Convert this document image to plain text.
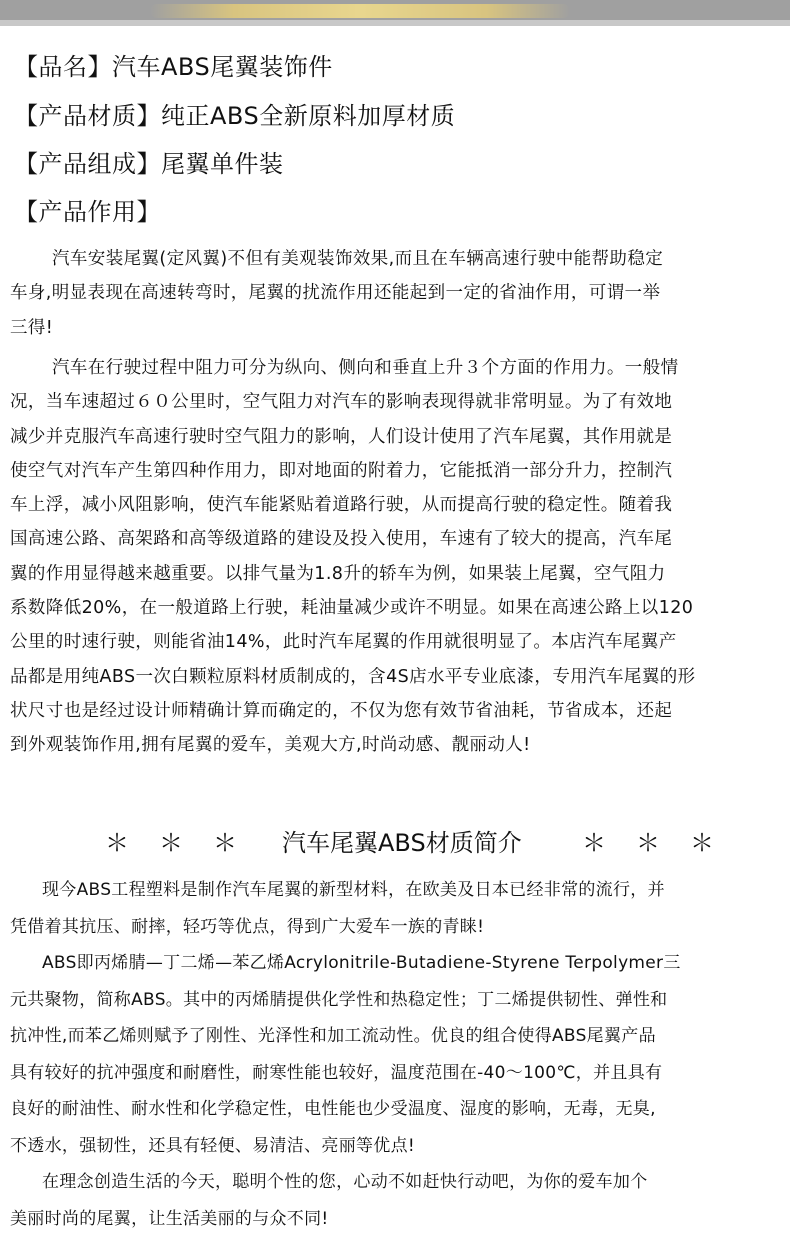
【品名】汽车ABS尾翼装饰件
【产品材质】纯正ABS全新原料加厚材质
【产品组成】尾翼单件装
【产品作用】
汽车安装尾翼(定风翼)不但有美观装饰效果,而且在车辆高速行驶中能帮助稳定
车身,明显表现在高速转弯时，尾翼的扰流作用还能起到一定的省油作用，可谓一举
三得!
汽车在行驶过程中阻力可分为纵向、侧向和垂直上升３个方面的作用力。一般情
况，当车速超过６０公里时，空气阻力对汽车的影响表现得就非常明显。为了有效地
减少并克服汽车高速行驶时空气阻力的影响，人们设计使用了汽车尾翼，其作用就是
使空气对汽车产生第四种作用力，即对地面的附着力，它能抵消一部分升力，控制汽
车上浮，减小风阻影响，使汽车能紧贴着道路行驶，从而提高行驶的稳定性。随着我
国高速公路、高架路和高等级道路的建设及投入使用，车速有了较大的提高，汽车尾
翼的作用显得越来越重要。以排气量为1.8升的轿车为例，如果装上尾翼，空气阻力
系数降低20%，在一般道路上行驶，耗油量减少或许不明显。如果在高速公路上以120
公里的时速行驶，则能省油14%，此时汽车尾翼的作用就很明显了。本店汽车尾翼产
品都是用纯ABS一次白颗粒原料材质制成的，含4S店水平专业底漆，专用汽车尾翼的形
状尺寸也是经过设计师精确计算而确定的，不仅为您有效节省油耗，节省成本，还起
到外观装饰作用,拥有尾翼的爱车，美观大方,时尚动感、靓丽动人!
＊＊＊ 汽车尾翼ABS材质简介	＊＊＊
现今ABS工程塑料是制作汽车尾翼的新型材料，在欧美及日本已经非常的流行，并
凭借着其抗压、耐摔，轻巧等优点，得到广大爱车一族的青睐!
ABS即丙烯腈—丁二烯—苯乙烯Acrylonitrile-Butadiene-Styrene Terpolymer三
元共聚物，简称ABS。其中的丙烯腈提供化学性和热稳定性；丁二烯提供韧性、弹性和
抗冲性,而苯乙烯则赋予了刚性、光泽性和加工流动性。优良的组合使得ABS尾翼产品
具有较好的抗冲强度和耐磨性，耐寒性能也较好，温度范围在-40～100℃，并且具有
良好的耐油性、耐水性和化学稳定性，电性能也少受温度、湿度的影响，无毒，无臭,
不透水，强韧性，还具有轻便、易清洁、亮丽等优点!
在理念创造生活的今天，聪明个性的您，心动不如赶快行动吧，为你的爱车加个
美丽时尚的尾翼，让生活美丽的与众不同!
